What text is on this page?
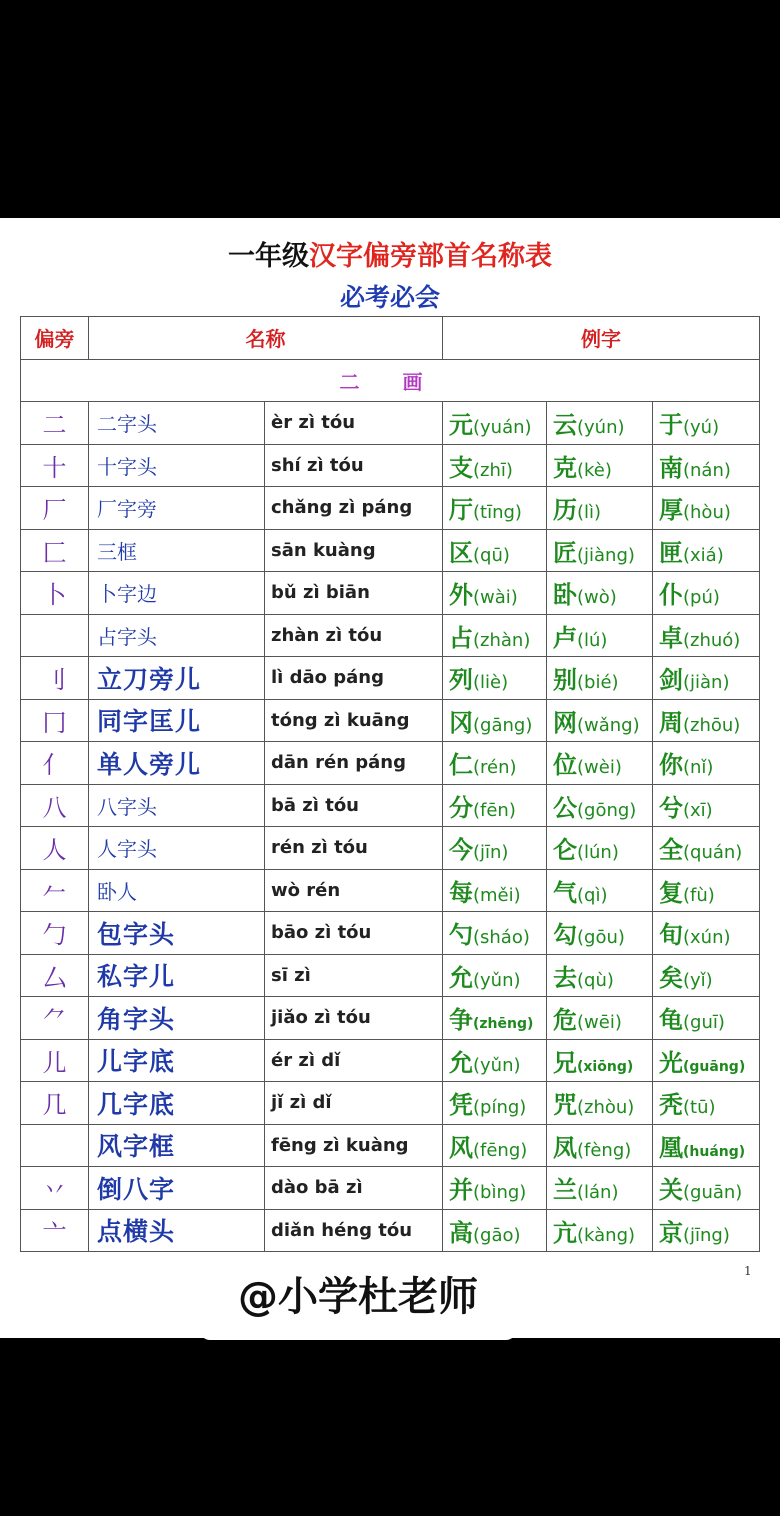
一年级汉字偏旁部首名称表
必考必会
偏旁	名称		例字		
二 画					
二	二字头	èr zì tóu	元(yuán)	云(yún)	于(yú)
十	十字头	shí zì tóu	支(zhī)	克(kè)	南(nán)
厂	厂字旁	chǎng zì páng	厅(tīng)	历(lì)	厚(hòu)
匚	三框	sān kuàng	区(qū)	匠(jiàng)	匣(xiá)
卜	卜字边	bǔ zì biān	外(wài)	卧(wò)	仆(pú)
	占字头	zhàn zì tóu	占(zhàn)	卢(lú)	卓(zhuó)
刂	立刀旁儿	lì dāo páng	列(liè)	别(bié)	剑(jiàn)
冂	同字匡儿	tóng zì kuāng	冈(gāng)	网(wǎng)	周(zhōu)
亻	单人旁儿	dān rén páng	仁(rén)	位(wèi)	你(nǐ)
八	八字头	bā zì tóu	分(fēn)	公(gōng)	兮(xī)
人	人字头	rén zì tóu	今(jīn)	仑(lún)	全(quán)
𠂉	卧人	wò rén	每(měi)	气(qì)	复(fù)
勹	包字头	bāo zì tóu	勺(sháo)	勾(gōu)	旬(xún)
厶	私字儿	sī zì	允(yǔn)	去(qù)	矣(yǐ)
⺈	角字头	jiǎo zì tóu	争(zhēng)	危(wēi)	龟(guī)
儿	儿字底	ér zì dǐ	允(yǔn)	兄(xiōng)	光(guāng)
几	几字底	jǐ zì dǐ	凭(píng)	咒(zhòu)	秃(tū)
	风字框	fēng zì kuàng	风(fēng)	凤(fèng)	凰(huáng)
丷	倒八字	dào bā zì	并(bìng)	兰(lán)	关(guān)
亠	点横头	diǎn héng tóu	高(gāo)	亢(kàng)	京(jīng)
1
@小学杜老师
